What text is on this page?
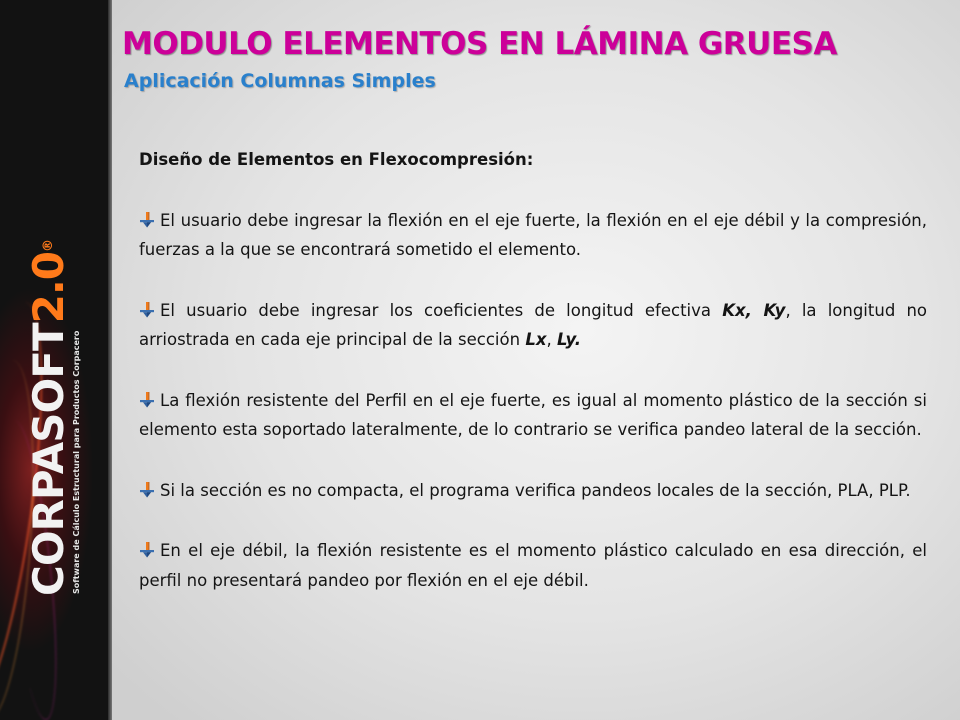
CORPASOFT2.0®
Software de Cálculo Estructural para Productos Corpacero
MODULO ELEMENTOS EN LÁMINA GRUESA
Aplicación Columnas Simples

Diseño de Elementos en Flexocompresión:

El usuario debe ingresar la flexión en el eje fuerte, la flexión en el eje débil y la compresión, fuerzas a la que se encontrará sometido el elemento.

El usuario debe ingresar los coeficientes de longitud efectiva Kx, Ky, la longitud no arriostrada en cada eje principal de la sección Lx, Ly.

La flexión resistente del Perfil en el eje fuerte, es igual al momento plástico de la sección si elemento esta soportado lateralmente, de lo contrario se verifica pandeo lateral de la sección.

Si la sección es no compacta, el programa verifica pandeos locales de la sección, PLA, PLP.

En el eje débil, la flexión resistente es el momento plástico calculado en esa dirección, el perfil no presentará pandeo por flexión en el eje débil.
